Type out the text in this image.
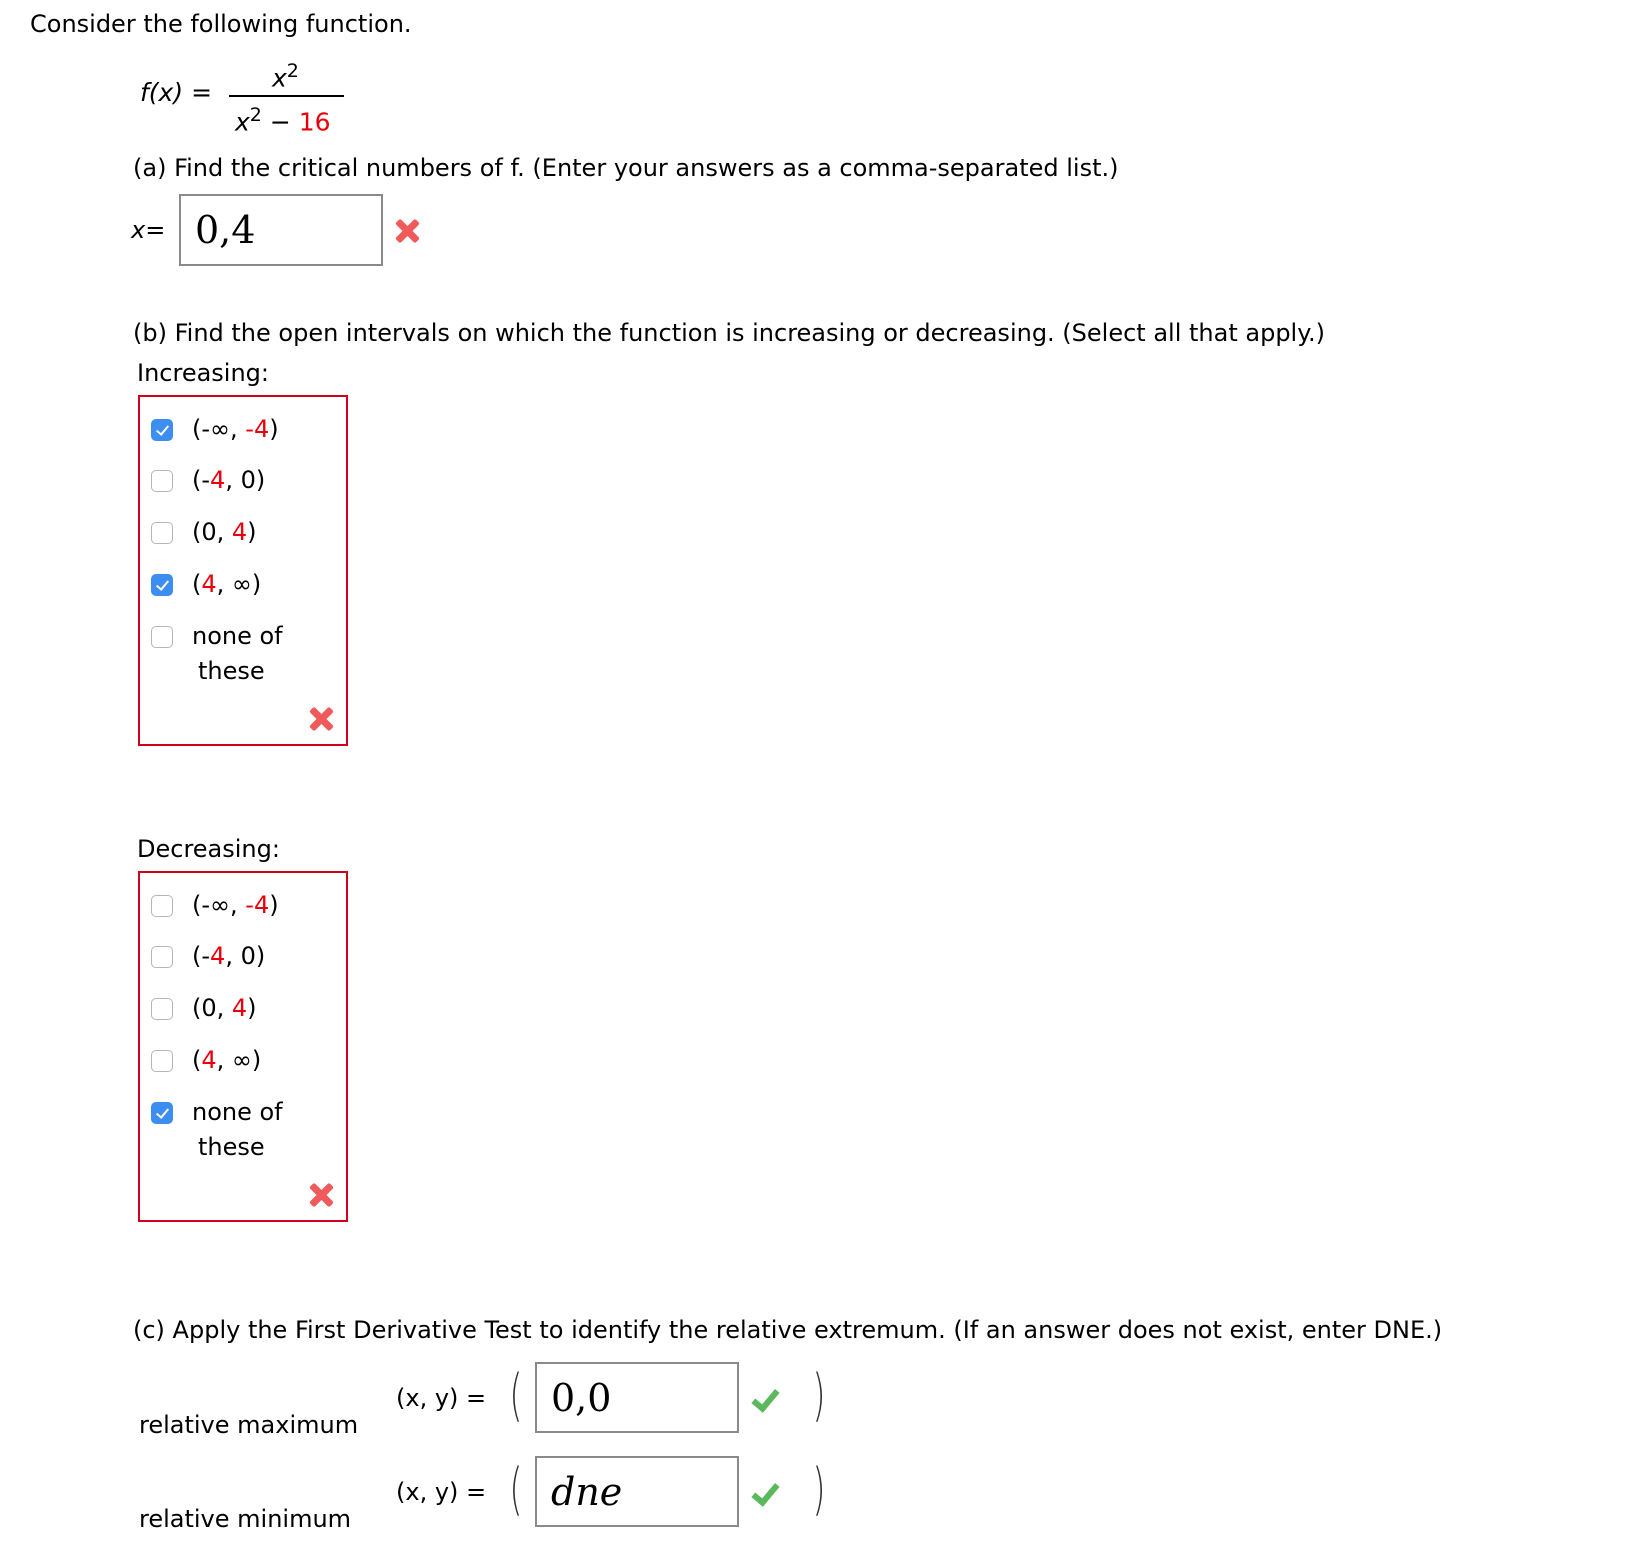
Consider the following function.
f(x) =
$x^2$
$x^2 - 16$
(a) Find the critical numbers of f. (Enter your answers as a comma-separated list.)
x= 0,4
(b) Find the open intervals on which the function is increasing or decreasing. (Select all that apply.)
Increasing:
(-∞, -4)
(-4, 0)
(0, 4)
(4, ∞)
none of
these
Decreasing:
(-∞, -4)
(-4, 0)
(0, 4)
(4, ∞)
none of
these
(c) Apply the First Derivative Test to identify the relative extremum. (If an answer does not exist, enter DNE.)
relative maximum
(x, y) = ( 0,0	)
relative minimum
(x, y) = ( dne	)
